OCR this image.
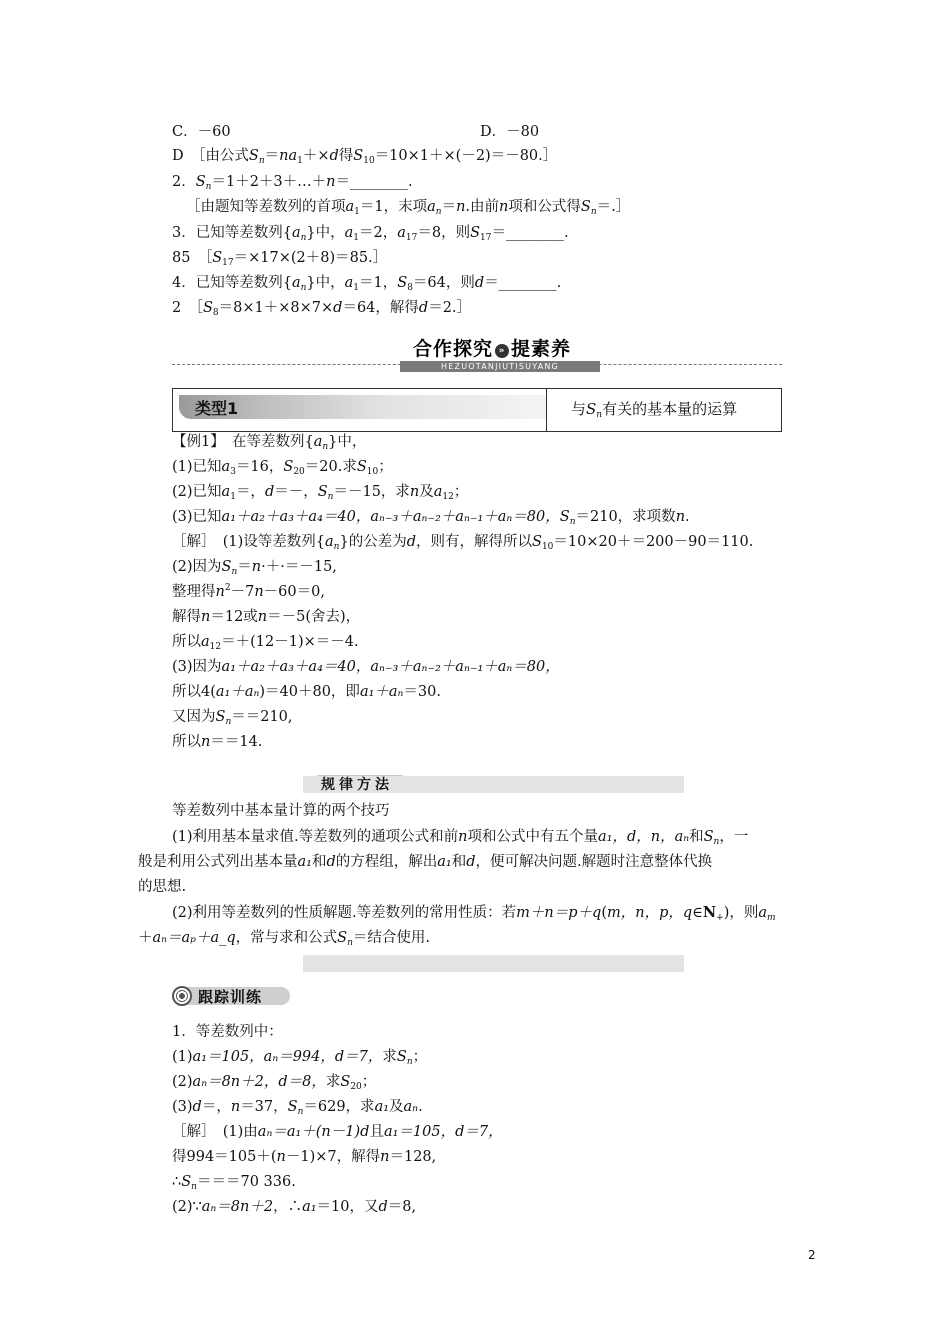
C．－60	D．－80
D　 ［由公式$S_n=na_1+\times d$得$S_{10}=10\times 1+\times(-2)=-80.]$
2．$S_n=1+2+3+\dots+n=\_\_\_\_\_\_\_\_$.
［由题知等差数列的首项$a_1=1$，末项$a_n=n$.由前n项和公式得$S_n=.]$
3．已知等差数列$\{a_n\}$中，$a_1=2$，$a_{17}=8$，则$S_{17}=\_\_\_\_\_\_\_\_$.
85　 $[S_{17}=\times 17\times(2+8)=85.]$
4．已知等差数列$\{a_n\}$中，$a_1=1$，$S_8=64$，则d＝________.
2　 $[S_8=8\times 1+\times 8\times 7\times d=64$，解得d＝2.］
合作探究 » 提素养
HEZUOTANJIUTISUYANG
类型1	与$S_n$有关的基本量的运算
【例1】　在等差数列$\{a_n\}$中，
(1)已知$a_3=16$，$S_{20}=20$.求$S_{10}$；
(2)已知$a_1=$，d＝－，$S_n=-15$，求n及$a_{12}$；
(3)已知a₁＋a₂＋a₃＋a₄＝40，aₙ₋₃＋aₙ₋₂＋aₙ₋₁＋aₙ＝80，$S_n=210$，求项数n.
［解］　(1)设等差数列$\{a_n\}$的公差为d，则有，解得所以$S_{10}=10\times 20+=200-90=110$.
(2)因为$S_n=n\cdot+\cdot=-15$,
整理得$n^2-7n-60=0$,
解得n＝12或n＝－5(舍去)，
所以$a_{12}=+(12-1)\times=-4$.
(3)因为a₁＋a₂＋a₃＋a₄＝40，aₙ₋₃＋aₙ₋₂＋aₙ₋₁＋aₙ＝80，
所以4(a₁＋aₙ)＝40＋80，即a₁＋aₙ＝30.
又因为$S_n==210$,
所以n＝＝14.
规律方法
等差数列中基本量计算的两个技巧
(1)利用基本量求值.等差数列的通项公式和前n项和公式中有五个量a₁，d，n，aₙ和$S_n$，一
般是利用公式列出基本量a₁和d的方程组，解出a₁和d，便可解决问题.解题时注意整体代换
的思想.
(2)利用等差数列的性质解题.等差数列的常用性质：若m＋n＝p＋q(m，n，p，$q\in N_+$)，则$a_m$
＋aₙ＝aₚ＋a_q，常与求和公式$S_n=$结合使用.
跟踪训练
1．等差数列中：
(1)a₁＝105，aₙ＝994，d＝7，求$S_n$；
(2)aₙ＝8n＋2，d＝8，求$S_{20}$；
(3)d＝，n＝37，$S_n=629$，求a₁及aₙ.
［解］　(1)由aₙ＝a₁＋(n－1)d且a₁＝105，d＝7，
得994＝105＋(n－1)×7，解得n＝128,
$\therefore S_n===70$ 336.
(2)∵aₙ＝8n＋2，∴a₁＝10，又d＝8,
2
